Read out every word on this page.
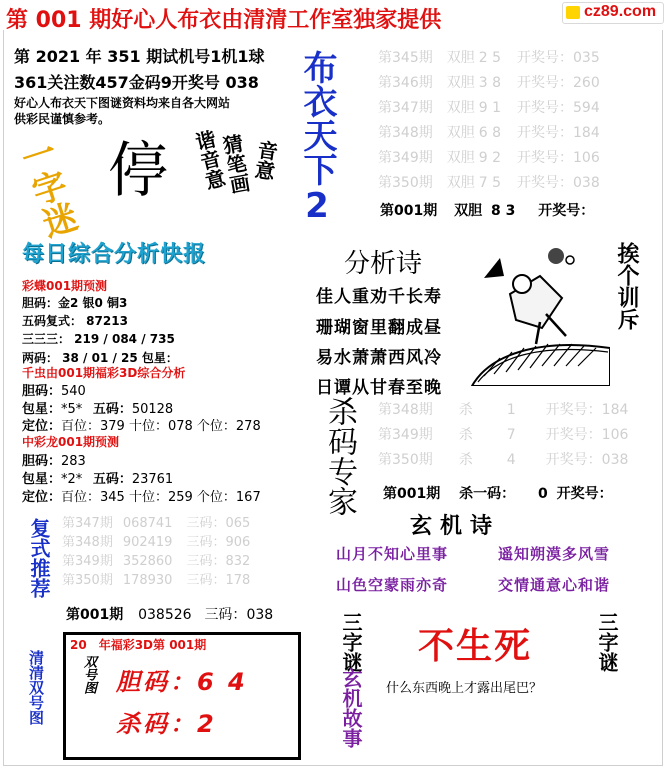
第 001 期好心人布衣由清清工作室独家提供	cz89.com
第 2021 年 351 期试机号1机1球
361关注数457金码9开奖号 038
好心人布衣天下图谜资料均来自各大网站
供彩民谨慎参考。
一字迷 停 谐音意
猜笔画
音意 布衣天下2	第345期 双胆 2 5 开奖号：035
第346期 双胆 3 8 开奖号：260
第347期 双胆 9 1 开奖号：594
第348期 双胆 6 8 开奖号：184
第349期 双胆 9 2 开奖号：106
第350期 双胆 7 5 开奖号：038
第001期 双胆 8 3 开奖号：
每日综合分析快报
彩蝶001期预测
胆码：金2 银0 铜3
五码复式： 87213
三三三： 219 / 084 / 735
两码： 38 / 01 / 25 包星：
千虫由001期福彩3D综合分析
胆码：540
包星：*5* 五码：50128
定位：百位：379 十位：078 个位：278
中彩龙001期预测
胆码：283
包星：*2* 五码：23761
定位：百位：345 十位：259 个位：167
分析诗
佳人重劝千长寿
珊瑚窗里翻成昼
易水萧萧西风冷
日谭从甘春至晚
挨个训斥
杀码专家 第348期 杀 1 开奖号：184
第349期 杀 7 开奖号：106
第350期 杀 4 开奖号：038
第001期 杀一码： 0 开奖号：
玄机诗
山月不知心里事
山色空蒙雨亦奇
遥知朔漠多风雪
交情通意心和谐
复式推荐 第347期 068741 三码：065
第348期 902419 三码：906
第349期 352860 三码：832
第350期 178930 三码：178
第001期 038526 三码：038
清清双号图
20　年福彩3D第 001期
双号图 胆码：6 4
杀码：2
三字谜	三字谜
玄机故事
不生死
什么东西晚上才露出尾巴？
